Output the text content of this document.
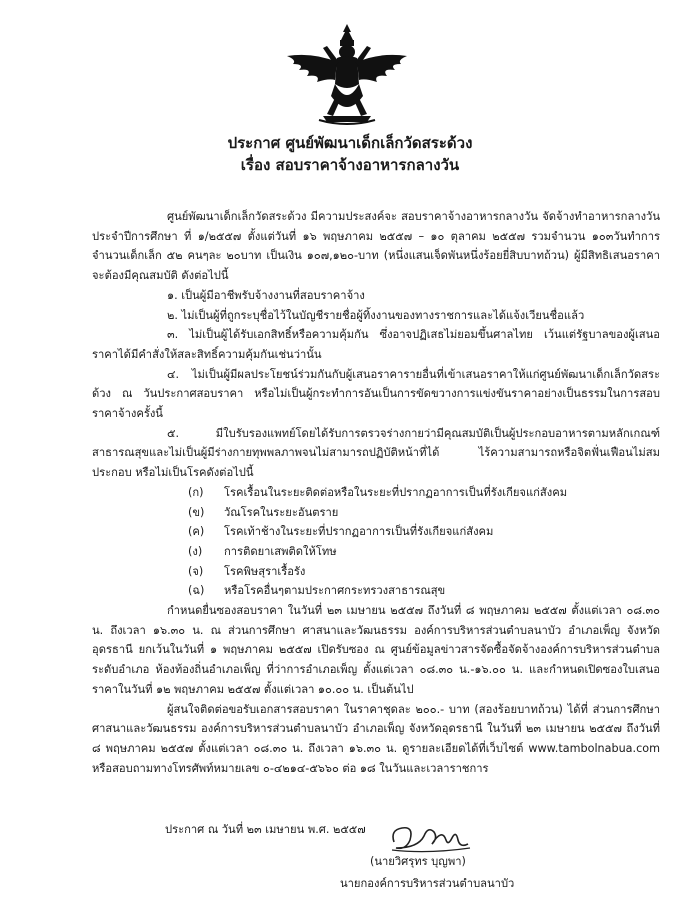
ประกาศ ศูนย์พัฒนาเด็กเล็กวัดสระด้วง
เรื่อง สอบราคาจ้างอาหารกลางวัน

ศูนย์พัฒนาเด็กเล็กวัดสระด้วง มีความประสงค์จะ สอบราคาจ้างอาหารกลางวัน จัดจ้างทำอาหารกลางวัน ประจำปีการศึกษา ที่ ๑/๒๕๕๗ ตั้งแต่วันที่ ๑๖ พฤษภาคม ๒๕๕๗ – ๑๐ ตุลาคม ๒๕๕๗ รวมจำนวน ๑๐๓วันทำการ จำนวนเด็กเล็ก ๕๒ คนๆละ ๒๐บาท เป็นเงิน ๑๐๗,๑๒๐-บาท (หนึ่งแสนเจ็ดพันหนึ่งร้อยยี่สิบบาทถ้วน) ผู้มีสิทธิเสนอราคาจะต้องมีคุณสมบัติ ดังต่อไปนี้

๑. เป็นผู้มีอาชีพรับจ้างงานที่สอบราคาจ้าง

๒. ไม่เป็นผู้ที่ถูกระบุชื่อไว้ในบัญชีรายชื่อผู้ทิ้งงานของทางราชการและได้แจ้งเวียนชื่อแล้ว

๓. ไม่เป็นผู้ได้รับเอกสิทธิ์หรือความคุ้มกัน ซึ่งอาจปฏิเสธไม่ยอมขึ้นศาลไทย เว้นแต่รัฐบาลของผู้เสนอราคาได้มีคำสั่งให้สละสิทธิ์ความคุ้มกันเช่นว่านั้น

๔. ไม่เป็นผู้มีผลประโยชน์ร่วมกันกับผู้เสนอราคารายอื่นที่เข้าเสนอราคาให้แก่ศูนย์พัฒนาเด็กเล็กวัดสระด้วง ณ วันประกาศสอบราคา หรือไม่เป็นผู้กระทำการอันเป็นการขัดขวางการแข่งขันราคาอย่างเป็นธรรมในการสอบราคาจ้างครั้งนี้

๕. มีใบรับรองแพทย์โดยได้รับการตรวจร่างกายว่ามีคุณสมบัติเป็นผู้ประกอบอาหารตามหลักเกณฑ์สาธารณสุขและไม่เป็นผู้มีร่างกายทุพพลภาพจนไม่สามารถปฏิบัติหน้าที่ได้ ไร้ความสามารถหรือจิตฟั่นเฟือนไม่สมประกอบ หรือไม่เป็นโรคดังต่อไปนี้

(ก) โรคเรื้อนในระยะติดต่อหรือในระยะที่ปรากฏอาการเป็นที่รังเกียจแก่สังคม

(ข) วัณโรคในระยะอันตราย

(ค) โรคเท้าช้างในระยะที่ปรากฏอาการเป็นที่รังเกียจแก่สังคม

(ง) การติดยาเสพติดให้โทษ

(จ) โรคพิษสุราเรื้อรัง

(ฉ) หรือโรคอื่นๆตามประกาศกระทรวงสาธารณสุข

กำหนดยื่นซองสอบราคา ในวันที่ ๒๓ เมษายน ๒๕๕๗ ถึงวันที่ ๘ พฤษภาคม ๒๕๕๗ ตั้งแต่เวลา ๐๘.๓๐ น. ถึงเวลา ๑๖.๓๐ น. ณ ส่วนการศึกษา ศาสนาและวัฒนธรรม องค์การบริหารส่วนตำบลนาบัว อำเภอเพ็ญ จังหวัดอุดรธานี ยกเว้นในวันที่ ๑ พฤษภาคม ๒๕๕๗ เปิดรับซอง ณ ศูนย์ข้อมูลข่าวสารจัดซื้อจัดจ้างองค์การบริหารส่วนตำบลระดับอำเภอ ห้องท้องถิ่นอำเภอเพ็ญ ที่ว่าการอำเภอเพ็ญ ตั้งแต่เวลา ๐๘.๓๐ น.-๑๖.๐๐ น. และกำหนดเปิดซองใบเสนอราคาในวันที่ ๑๒ พฤษภาคม ๒๕๕๗ ตั้งแต่เวลา ๑๐.๐๐ น. เป็นต้นไป

ผู้สนใจติดต่อขอรับเอกสารสอบราคา ในราคาชุดละ ๒๐๐.- บาท (สองร้อยบาทถ้วน) ได้ที่ ส่วนการศึกษา ศาสนาและวัฒนธรรม องค์การบริหารส่วนตำบลนาบัว อำเภอเพ็ญ จังหวัดอุดรธานี ในวันที่ ๒๓ เมษายน ๒๕๕๗ ถึงวันที่ ๘ พฤษภาคม ๒๕๕๗ ตั้งแต่เวลา ๐๘.๓๐ น. ถึงเวลา ๑๖.๓๐ น. ดูรายละเอียดได้ที่เว็บไซต์ www.tambolnabua.com หรือสอบถามทางโทรศัพท์หมายเลข ๐-๔๒๑๔-๕๖๖๐ ต่อ ๑๘ ในวันและเวลาราชการ

ประกาศ ณ วันที่ ๒๓ เมษายน พ.ศ. ๒๕๕๗
(นายวิศรุทร บุญพา)
นายกองค์การบริหารส่วนตำบลนาบัว
